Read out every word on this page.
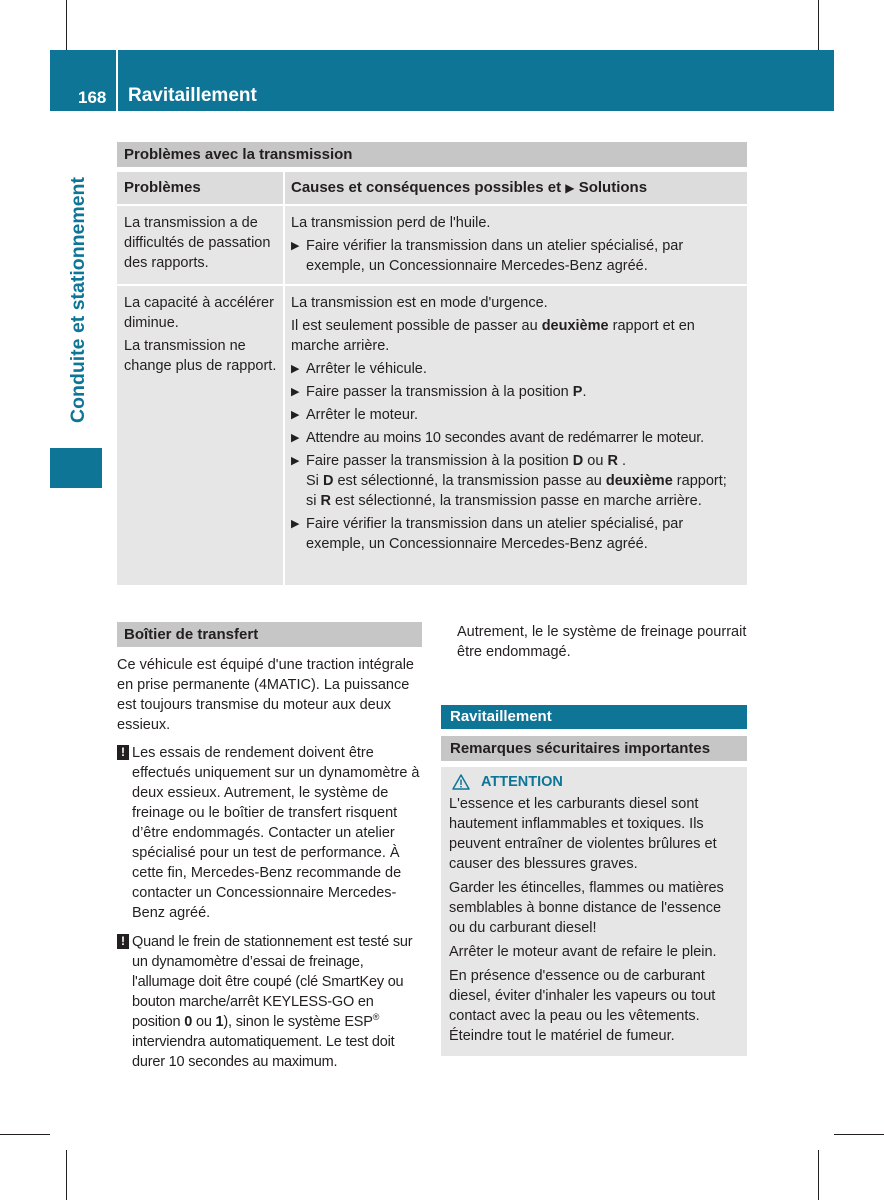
168 Ravitaillement
Conduite et stationnement
Problèmes avec la transmission
Problèmes	Causes et conséquences possibles et
▶
Solutions
La transmission a de difficultés de passation des rapports.

La transmission perd de l'huile.

▶ Faire vérifier la transmission dans un atelier spécialisé, par exemple, un Concessionnaire Mercedes-Benz agréé.

La capacité à accélérer diminue.

La transmission ne change plus de rapport.

La transmission est en mode d'urgence.

Il est seulement possible de passer au deuxième rapport et en marche arrière.

▶ Arrêter le véhicule.
▶ Faire passer la transmission à la position P.
▶ Arrêter le moteur.
▶ Attendre au moins 10 secondes avant de redémarrer le moteur.
▶ Faire passer la transmission à la position D ou R .
Si D est sélectionné, la transmission passe au deuxième rapport; si R est sélectionné, la transmission passe en marche arrière.
▶ Faire vérifier la transmission dans un atelier spécialisé, par exemple, un Concessionnaire Mercedes-Benz agréé.
Boîtier de transfert

Ce véhicule est équipé d'une traction intégrale en prise permanente (4MATIC). La puissance est toujours transmise du moteur aux deux essieux.

! Les essais de rendement doivent être effectués uniquement sur un dynamomètre à deux essieux. Autrement, le système de freinage ou le boîtier de transfert risquent d’être endommagés. Contacter un atelier spécialisé pour un test de performance. À cette fin, Mercedes-Benz recommande de contacter un Concessionnaire Mercedes-Benz agréé.
! Quand le frein de stationnement est testé sur un dynamomètre d’essai de freinage, l'allumage doit être coupé (clé SmartKey ou bouton marche/arrêt KEYLESS-GO en position 0 ou 1), sinon le système ESP® interviendra automatiquement. Le test doit durer 10 secondes au maximum.

Autrement, le le système de freinage pourrait être endommagé.

Ravitaillement
Remarques sécuritaires importantes
ATTENTION

L'essence et les carburants diesel sont hautement inflammables et toxiques. Ils peuvent entraîner de violentes brûlures et causer des blessures graves.

Garder les étincelles, flammes ou matières semblables à bonne distance de l'essence ou du carburant diesel!

Arrêter le moteur avant de refaire le plein.

En présence d'essence ou de carburant diesel, éviter d'inhaler les vapeurs ou tout contact avec la peau ou les vêtements. Éteindre tout le matériel de fumeur.
